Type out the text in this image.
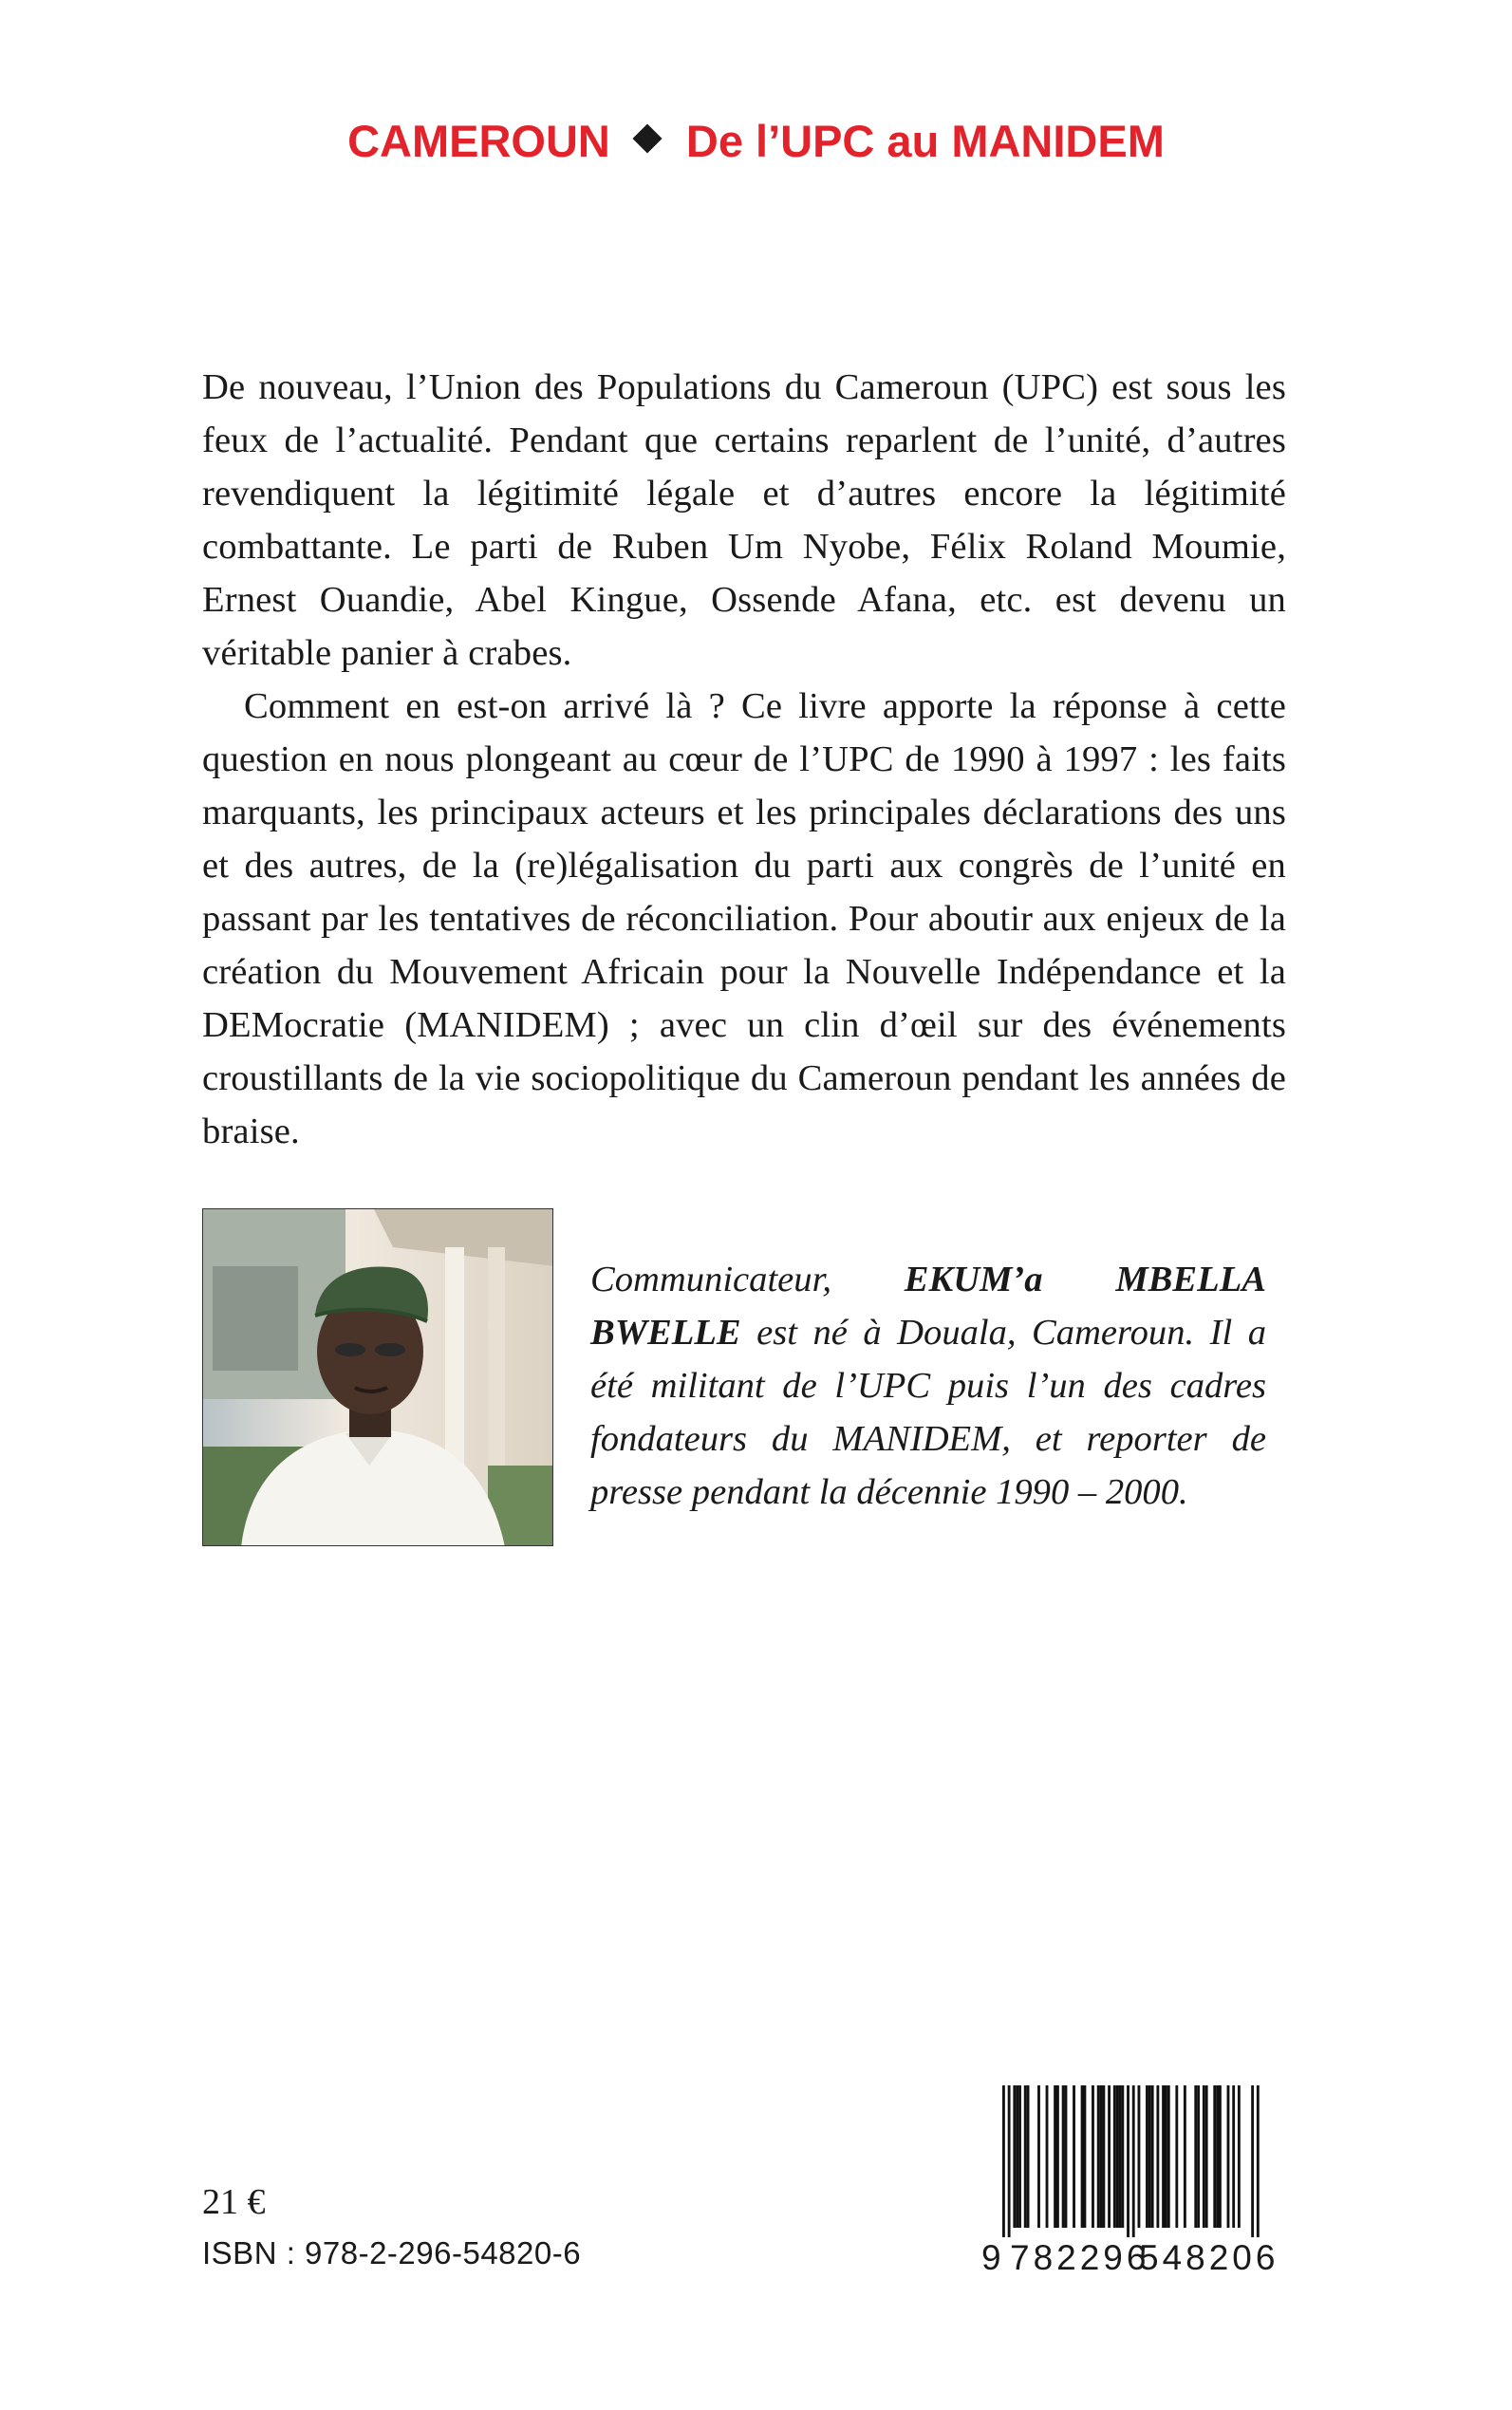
CAMEROUN De l’UPC au MANIDEM

De nouveau, l’Union des Populations du Cameroun (UPC) est sous les feux de l’actualité. Pendant que certains reparlent de l’unité, d’autres revendiquent la légitimité légale et d’autres encore la légitimité combattante. Le parti de Ruben Um Nyobe, Félix Roland Moumie, Ernest Ouandie, Abel Kingue, Ossende Afana, etc. est devenu un véritable panier à crabes.

Comment en est-on arrivé là ? Ce livre apporte la réponse à cette question en nous plongeant au cœur de l’UPC de 1990 à 1997 : les faits marquants, les principaux acteurs et les principales déclarations des uns et des autres, de la (re)légalisation du parti aux congrès de l’unité en passant par les tentatives de réconciliation. Pour aboutir aux enjeux de la création du Mouvement Africain pour la Nouvelle Indépendance et la DEMocratie (MANIDEM) ; avec un clin d’œil sur des événements croustillants de la vie sociopolitique du Cameroun pendant les années de braise.

Communicateur, EKUM’a MBELLA BWELLE est né à Douala, Cameroun. Il a été militant de l’UPC puis l’un des cadres fondateurs du MANIDEM, et reporter de presse pendant la décennie 1990 – 2000.
21 €
ISBN : 978-2-296-54820-6	9 782296
548206
